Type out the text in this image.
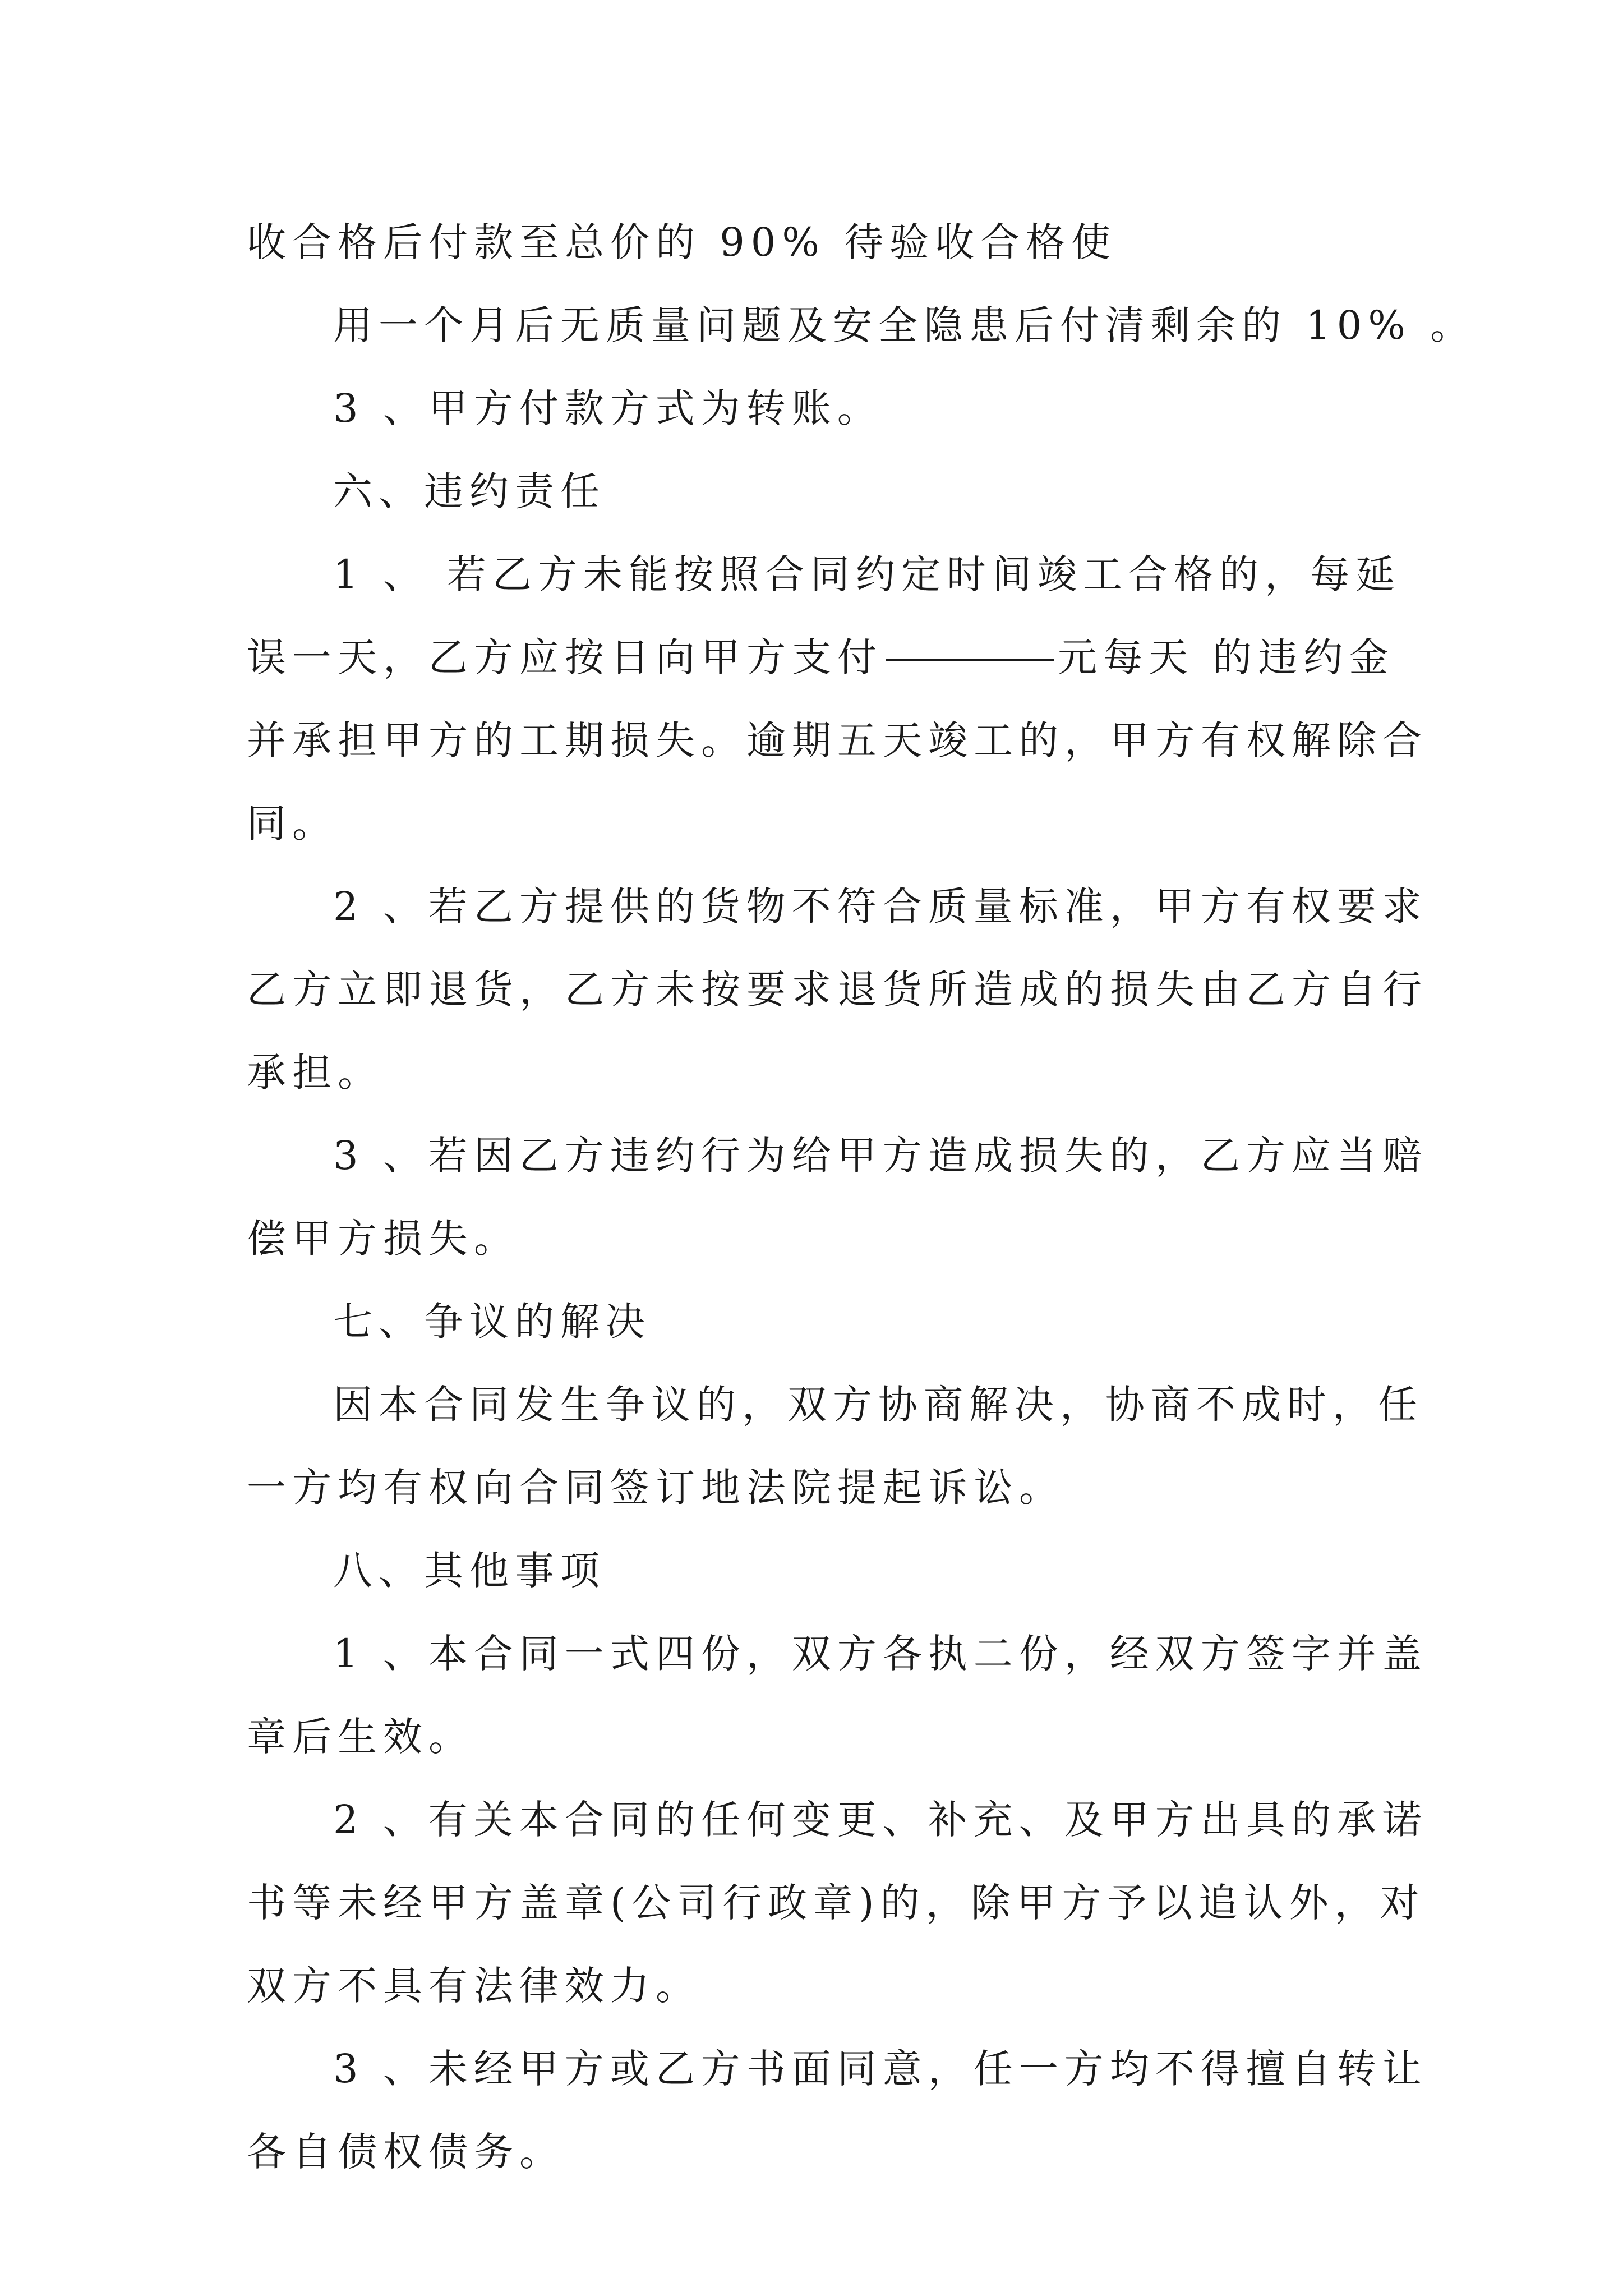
收合格后付款至总价的 90% 待验收合格使
用一个月后无质量问题及安全隐患后付清剩余的 10% 。
3 、甲方付款方式为转账。
六、违约责任
1 、 若乙方未能按照合同约定时间竣工合格的，每延
误一天，乙方应按日向甲方支付	元每天 的违约金
并承担甲方的工期损失。逾期五天竣工的，甲方有权解除合
同。
2 、若乙方提供的货物不符合质量标准，甲方有权要求
乙方立即退货，乙方未按要求退货所造成的损失由乙方自行
承担。
3 、若因乙方违约行为给甲方造成损失的，乙方应当赔
偿甲方损失。
七、争议的解决
因本合同发生争议的，双方协商解决，协商不成时，任
一方均有权向合同签订地法院提起诉讼。
八、其他事项
1 、本合同一式四份，双方各执二份，经双方签字并盖
章后生效。
2 、有关本合同的任何变更、补充、及甲方出具的承诺
书等未经甲方盖章(公司行政章)的，除甲方予以追认外，对
双方不具有法律效力。
3 、未经甲方或乙方书面同意，任一方均不得擅自转让
各自债权债务。
